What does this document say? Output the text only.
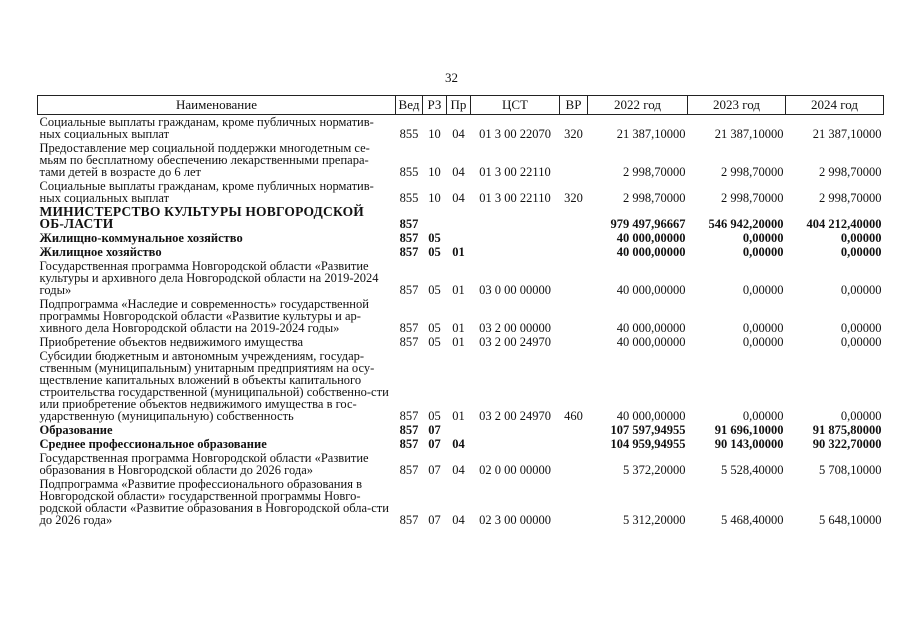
32
Наименование	Вед	РЗ	Пр	ЦСТ	ВР	2022 год	2023 год	2024 год
Социальные выплаты гражданам, кроме публичных норматив-ных социальных выплат	855	10	04	01 3 00 22070	320	21 387,10000	21 387,10000	21 387,10000
Предоставление мер социальной поддержки многодетным се-мьям по бесплатному обеспечению лекарственными препара-тами детей в возрасте до 6 лет	855	10	04	01 3 00 22110		2 998,70000	2 998,70000	2 998,70000
Социальные выплаты гражданам, кроме публичных норматив-ных социальных выплат	855	10	04	01 3 00 22110	320	2 998,70000	2 998,70000	2 998,70000
МИНИСТЕРСТВО КУЛЬТУРЫ НОВГОРОДСКОЙ ОБ-ЛАСТИ	857					979 497,96667	546 942,20000	404 212,40000
Жилищно-коммунальное хозяйство	857	05				40 000,00000	0,00000	0,00000
Жилищное хозяйство	857	05	01			40 000,00000	0,00000	0,00000
Государственная программа Новгородской области «Развитие культуры и архивного дела Новгородской области на 2019-2024 годы»	857	05	01	03 0 00 00000		40 000,00000	0,00000	0,00000
Подпрограмма «Наследие и современность» государственной программы Новгородской области «Развитие культуры и ар-хивного дела Новгородской области на 2019-2024 годы»	857	05	01	03 2 00 00000		40 000,00000	0,00000	0,00000
Приобретение объектов недвижимого имущества	857	05	01	03 2 00 24970		40 000,00000	0,00000	0,00000
Субсидии бюджетным и автономным учреждениям, государ-ственным (муниципальным) унитарным предприятиям на осу-ществление капитальных вложений в объекты капитального строительства государственной (муниципальной) собственно-сти или приобретение объектов недвижимого имущества в гос-ударственную (муниципальную) собственность	857	05	01	03 2 00 24970	460	40 000,00000	0,00000	0,00000
Образование	857	07				107 597,94955	91 696,10000	91 875,80000
Среднее профессиональное образование	857	07	04			104 959,94955	90 143,00000	90 322,70000
Государственная программа Новгородской области «Развитие образования в Новгородской области до 2026 года»	857	07	04	02 0 00 00000		5 372,20000	5 528,40000	5 708,10000
Подпрограмма «Развитие профессионального образования в Новгородской области» государственной программы Новго-родской области «Развитие образования в Новгородской обла-сти до 2026 года»	857	07	04	02 3 00 00000		5 312,20000	5 468,40000	5 648,10000
